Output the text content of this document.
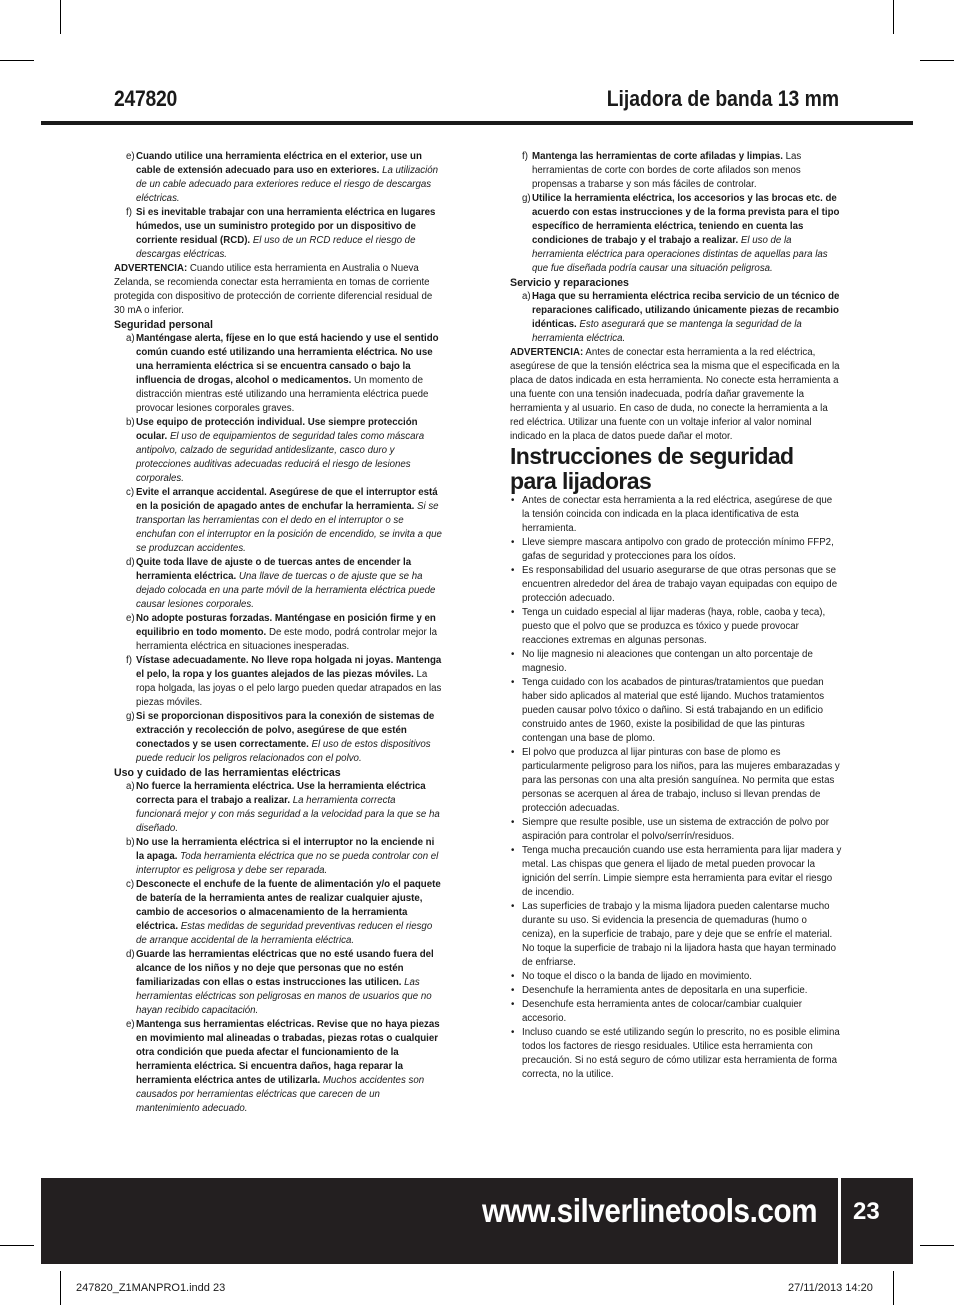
247820	Lijadora de banda 13 mm

e) Cuando utilice una herramienta eléctrica en el exterior, use un cable de extensión adecuado para uso en exteriores. La utilización de un cable adecuado para exteriores reduce el riesgo de descargas eléctricas.

f) Si es inevitable trabajar con una herramienta eléctrica en lugares húmedos, use un suministro protegido por un dispositivo de corriente residual (RCD). El uso de un RCD reduce el riesgo de descargas eléctricas.

ADVERTENCIA: Cuando utilice esta herramienta en Australia o Nueva Zelanda, se recomienda conectar esta herramienta en tomas de corriente protegida con dispositivo de protección de corriente diferencial residual de 30 mA o inferior.

Seguridad personal

a) Manténgase alerta, fíjese en lo que está haciendo y use el sentido común cuando esté utilizando una herramienta eléctrica. No use una herramienta eléctrica si se encuentra cansado o bajo la influencia de drogas, alcohol o medicamentos. Un momento de distracción mientras esté utilizando una herramienta eléctrica puede provocar lesiones corporales graves.

b) Use equipo de protección individual. Use siempre protección ocular. El uso de equipamientos de seguridad tales como máscara antipolvo, calzado de seguridad antideslizante, casco duro y protecciones auditivas adecuadas reducirá el riesgo de lesiones corporales.

c) Evite el arranque accidental. Asegúrese de que el interruptor está en la posición de apagado antes de enchufar la herramienta. Si se transportan las herramientas con el dedo en el interruptor o se enchufan con el interruptor en la posición de encendido, se invita a que se produzcan accidentes.

d) Quite toda llave de ajuste o de tuercas antes de encender la herramienta eléctrica. Una llave de tuercas o de ajuste que se ha dejado colocada en una parte móvil de la herramienta eléctrica puede causar lesiones corporales.

e) No adopte posturas forzadas. Manténgase en posición firme y en equilibrio en todo momento. De este modo, podrá controlar mejor la herramienta eléctrica en situaciones inesperadas.

f) Vístase adecuadamente. No lleve ropa holgada ni joyas. Mantenga el pelo, la ropa y los guantes alejados de las piezas móviles. La ropa holgada, las joyas o el pelo largo pueden quedar atrapados en las piezas móviles.

g) Si se proporcionan dispositivos para la conexión de sistemas de extracción y recolección de polvo, asegúrese de que estén conectados y se usen correctamente. El uso de estos dispositivos puede reducir los peligros relacionados con el polvo.

Uso y cuidado de las herramientas eléctricas

a) No fuerce la herramienta eléctrica. Use la herramienta eléctrica correcta para el trabajo a realizar. La herramienta correcta funcionará mejor y con más seguridad a la velocidad para la que se ha diseñado.

b) No use la herramienta eléctrica si el interruptor no la enciende ni la apaga. Toda herramienta eléctrica que no se pueda controlar con el interruptor es peligrosa y debe ser reparada.

c) Desconecte el enchufe de la fuente de alimentación y/o el paquete de batería de la herramienta antes de realizar cualquier ajuste, cambio de accesorios o almacenamiento de la herramienta eléctrica. Estas medidas de seguridad preventivas reducen el riesgo de arranque accidental de la herramienta eléctrica.

d) Guarde las herramientas eléctricas que no esté usando fuera del alcance de los niños y no deje que personas que no estén familiarizadas con ellas o estas instrucciones las utilicen. Las herramientas eléctricas son peligrosas en manos de usuarios que no hayan recibido capacitación.

e) Mantenga sus herramientas eléctricas. Revise que no haya piezas en movimiento mal alineadas o trabadas, piezas rotas o cualquier otra condición que pueda afectar el funcionamiento de la herramienta eléctrica. Si encuentra daños, haga reparar la herramienta eléctrica antes de utilizarla. Muchos accidentes son causados por herramientas eléctricas que carecen de un mantenimiento adecuado.

f) Mantenga las herramientas de corte afiladas y limpias. Las herramientas de corte con bordes de corte afilados son menos propensas a trabarse y son más fáciles de controlar.

g) Utilice la herramienta eléctrica, los accesorios y las brocas etc. de acuerdo con estas instrucciones y de la forma prevista para el tipo específico de herramienta eléctrica, teniendo en cuenta las condiciones de trabajo y el trabajo a realizar. El uso de la herramienta eléctrica para operaciones distintas de aquellas para las que fue diseñada podría causar una situación peligrosa.

Servicio y reparaciones

a) Haga que su herramienta eléctrica reciba servicio de un técnico de reparaciones calificado, utilizando únicamente piezas de recambio idénticas. Esto asegurará que se mantenga la seguridad de la herramienta eléctrica.

ADVERTENCIA: Antes de conectar esta herramienta a la red eléctrica, asegúrese de que la tensión eléctrica sea la misma que el especificada en la placa de datos indicada en esta herramienta. No conecte esta herramienta a una fuente con una tensión inadecuada, podría dañar gravemente la herramienta y al usuario. En caso de duda, no conecte la herramienta a la red eléctrica. Utilizar una fuente con un voltaje inferior al valor nominal indicado en la placa de datos puede dañar el motor.

Instrucciones de seguridad para lijadoras

• Antes de conectar esta herramienta a la red eléctrica, asegúrese de que la tensión coincida con indicada en la placa identificativa de esta herramienta.

• Lleve siempre mascara antipolvo con grado de protección mínimo FFP2, gafas de seguridad y protecciones para los oídos.

• Es responsabilidad del usuario asegurarse de que otras personas que se encuentren alrededor del área de trabajo vayan equipadas con equipo de protección adecuado.

• Tenga un cuidado especial al lijar maderas (haya, roble, caoba y teca), puesto que el polvo que se produzca es tóxico y puede provocar reacciones extremas en algunas personas.

• No lije magnesio ni aleaciones que contengan un alto porcentaje de magnesio.

• Tenga cuidado con los acabados de pinturas/tratamientos que puedan haber sido aplicados al material que esté lijando. Muchos tratamientos pueden causar polvo tóxico o dañino. Si está trabajando en un edificio construido antes de 1960, existe la posibilidad de que las pinturas contengan una base de plomo.

• El polvo que produzca al lijar pinturas con base de plomo es particularmente peligroso para los niños, para las mujeres embarazadas y para las personas con una alta presión sanguínea. No permita que estas personas se acerquen al área de trabajo, incluso si llevan prendas de protección adecuadas.

• Siempre que resulte posible, use un sistema de extracción de polvo por aspiración para controlar el polvo/serrín/residuos.

• Tenga mucha precaución cuando use esta herramienta para lijar madera y metal. Las chispas que genera el lijado de metal pueden provocar la ignición del serrín. Limpie siempre esta herramienta para evitar el riesgo de incendio.

• Las superficies de trabajo y la misma lijadora pueden calentarse mucho durante su uso. Si evidencia la presencia de quemaduras (humo o ceniza), en la superficie de trabajo, pare y deje que se enfríe el material. No toque la superficie de trabajo ni la lijadora hasta que hayan terminado de enfriarse.

• No toque el disco o la banda de lijado en movimiento.

• Desenchufe la herramienta antes de depositarla en una superficie.

• Desenchufe esta herramienta antes de colocar/cambiar cualquier accesorio.

• Incluso cuando se esté utilizando según lo prescrito, no es posible elimina todos los factores de riesgo residuales. Utilice esta herramienta con precaución. Si no está seguro de cómo utilizar esta herramienta de forma correcta, no la utilice.

www.silverlinetools.com 23
247820_Z1MANPRO1.indd 23	27/11/2013 14:20
